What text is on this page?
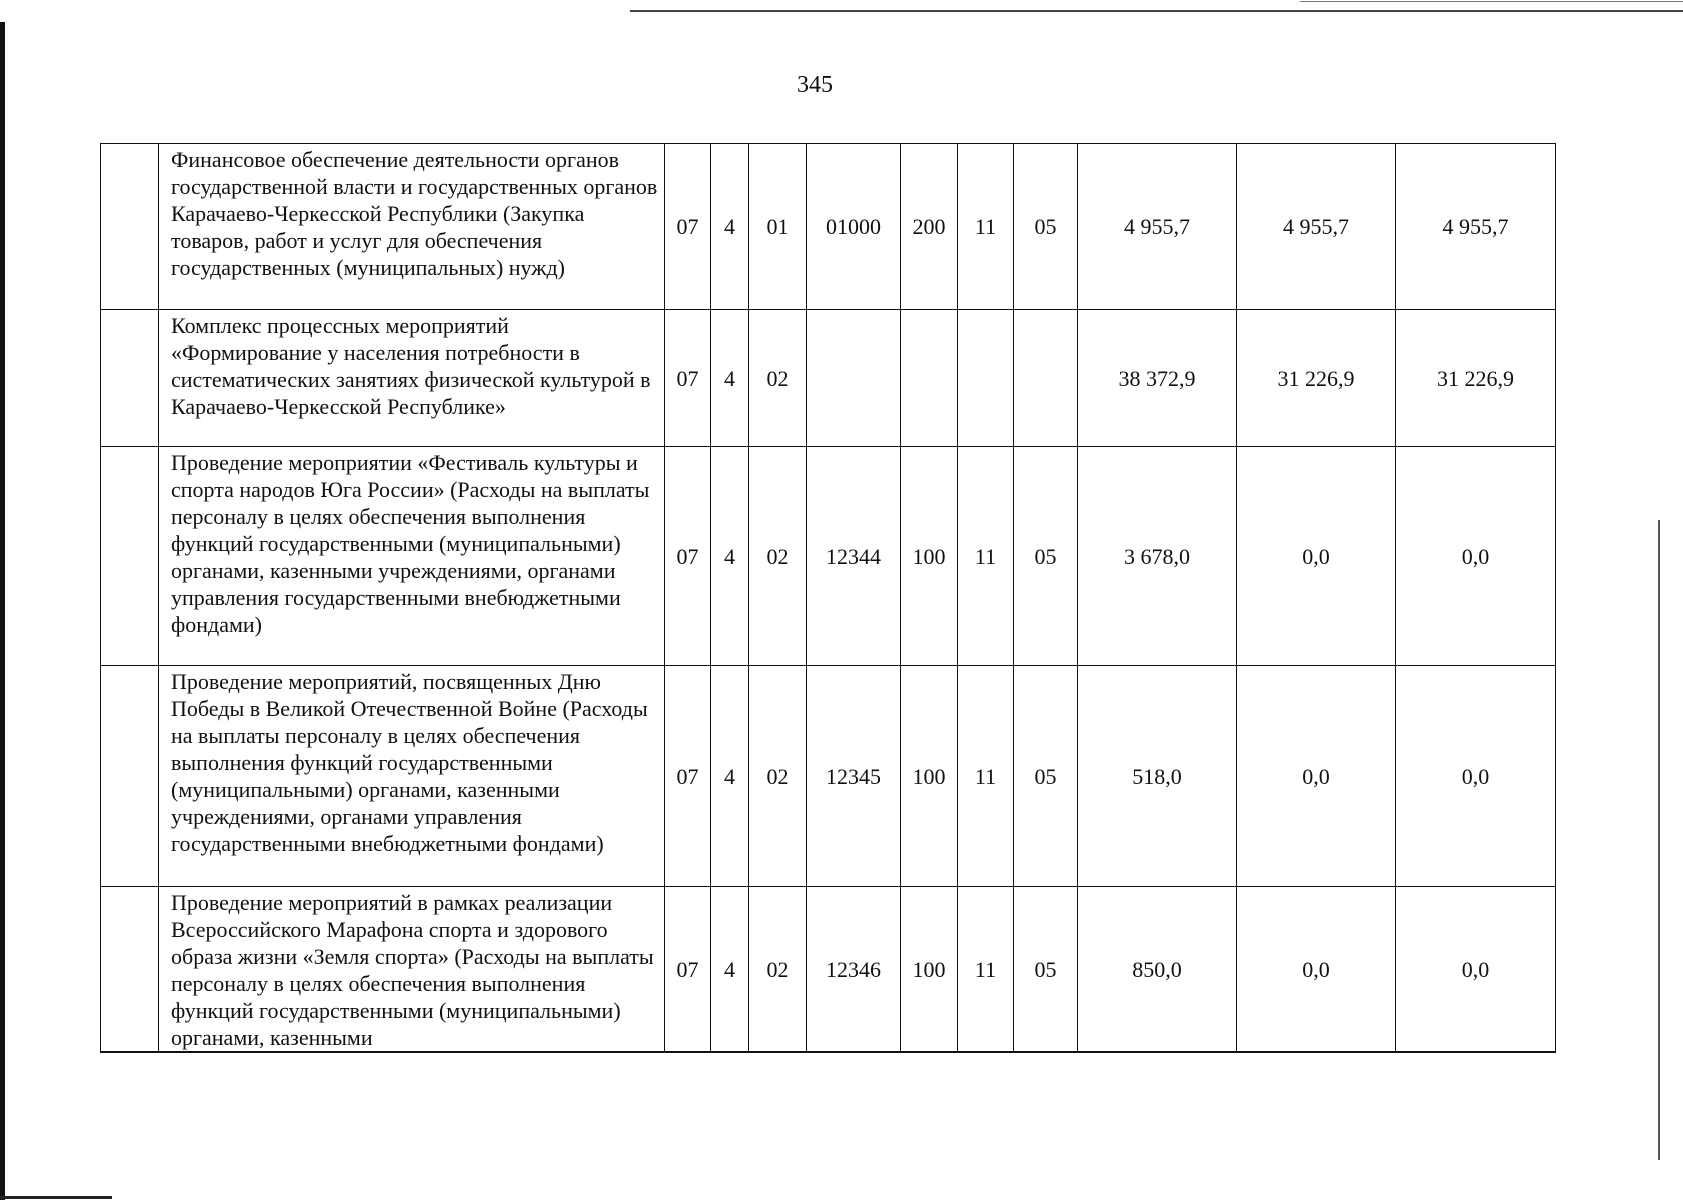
345
	Финансовое обеспечение деятельности органов государственной власти и государственных органов Карачаево-Черкесской Республики (Закупка товаров, работ и услуг для обеспечения государственных (муниципальных) нужд)	07	4	01	01000	200	11	05	4 955,7	4 955,7	4 955,7
	Комплекс процессных мероприятий «Формирование у населения потребности в систематических занятиях физической культурой в Карачаево-Черкесской Республике»	07	4	02					38 372,9	31 226,9	31 226,9
	Проведение мероприятии «Фестиваль культуры и спорта народов Юга России» (Расходы на выплаты персоналу в целях обеспечения выполнения функций государственными (муниципальными) органами, казенными учреждениями, органами управления государственными внебюджетными фондами)	07	4	02	12344	100	11	05	3 678,0	0,0	0,0
	Проведение мероприятий, посвященных Дню Победы в Великой Отечественной Войне (Расходы на выплаты персоналу в целях обеспечения выполнения функций государственными (муниципальными) органами, казенными учреждениями, органами управления государственными внебюджетными фондами)	07	4	02	12345	100	11	05	518,0	0,0	0,0
	Проведение мероприятий в рамках реализации Всероссийского Марафона спорта и здорового образа жизни «Земля спорта» (Расходы на выплаты персоналу в целях обеспечения выполнения функций государственными (муниципальными) органами, казенными	07	4	02	12346	100	11	05	850,0	0,0	0,0
